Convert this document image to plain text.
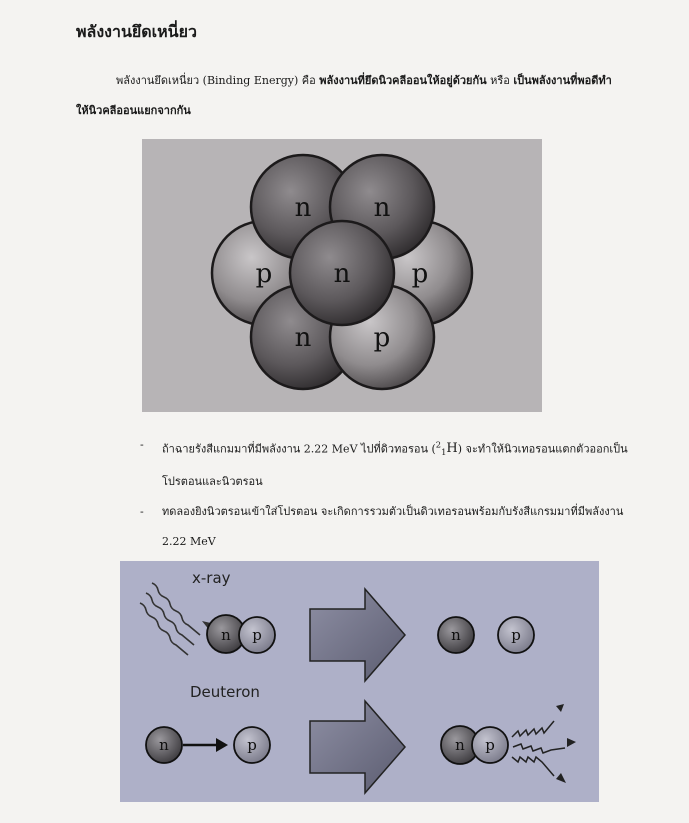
พลังงานยึดเหนี่ยว
พลังงานยึดเหนี่ยว (Binding Energy) คือ พลังงานที่ยึดนิวคลีออนให้อยู่ด้วยกัน หรือ เป็นพลังงานที่พอดีทำให้นิวคลีออนแยกจากกัน
n n
p n p
n p
- ถ้าฉายรังสีแกมมาที่มีพลังงาน 2.22 MeV ไปที่ดิวทอรอน ($^2_1$H) จะทำให้นิวเทอรอนแตกตัวออกเป็นโปรตอนและนิวตรอน
- ทดลองยิงนิวตรอนเข้าใส่โปรตอน จะเกิดการรวมตัวเป็นดิวเทอรอนพร้อมกับรังสีแกรมมาที่มีพลังงาน 2.22 MeV
x-ray
n p	n	p
Deuteron
n	p	n p
